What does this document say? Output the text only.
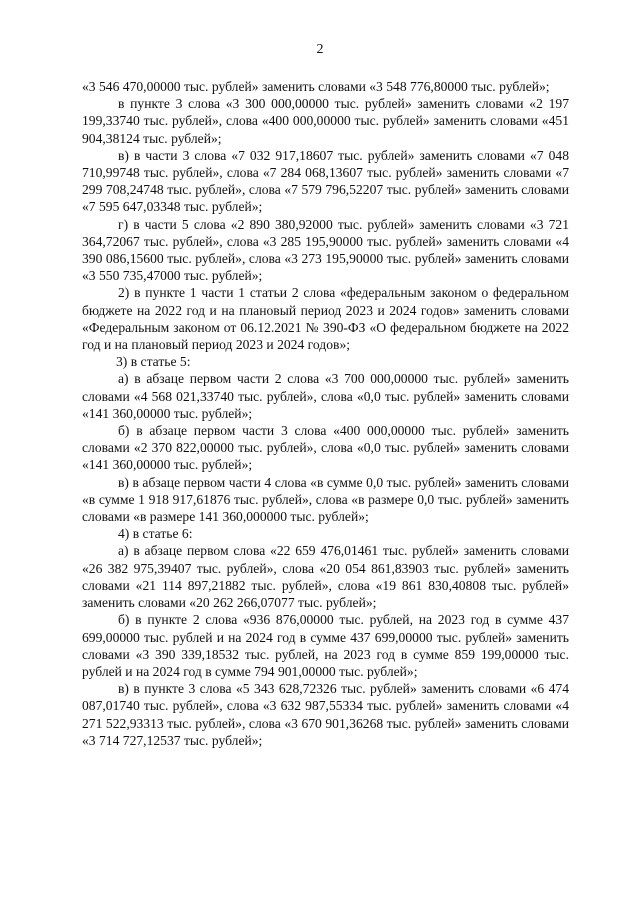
2

«3 546 470,00000 тыс. рублей» заменить словами «3 548 776,80000 тыс. рублей»;

в пункте 3 слова «3 300 000,00000 тыс. рублей» заменить словами «2 197 199,33740 тыс. рублей», слова «400 000,00000 тыс. рублей» заменить словами «451 904,38124 тыс. рублей»;

в) в части 3 слова «7 032 917,18607 тыс. рублей» заменить словами «7 048 710,99748 тыс. рублей», слова «7 284 068,13607 тыс. рублей» заменить словами «7 299 708,24748 тыс. рублей», слова «7 579 796,52207 тыс. рублей» заменить словами «7 595 647,03348 тыс. рублей»;

г) в части 5 слова «2 890 380,92000 тыс. рублей» заменить словами «3 721 364,72067 тыс. рублей», слова «3 285 195,90000 тыс. рублей» заменить словами «4 390 086,15600 тыс. рублей», слова «3 273 195,90000 тыс. рублей» заменить словами «3 550 735,47000 тыс. рублей»;

2) в пункте 1 части 1 статьи 2 слова «федеральным законом о федеральном бюджете на 2022 год и на плановый период 2023 и 2024 годов» заменить словами «Федеральным законом от 06.12.2021 № 390-ФЗ «О федеральном бюджете на 2022 год и на плановый период 2023 и 2024 годов»;

3) в статье 5:

а) в абзаце первом части 2 слова «3 700 000,00000 тыс. рублей» заменить словами «4 568 021,33740 тыс. рублей», слова «0,0 тыс. рублей» заменить словами «141 360,00000 тыс. рублей»;

б) в абзаце первом части 3 слова «400 000,00000 тыс. рублей» заменить словами «2 370 822,00000 тыс. рублей», слова «0,0 тыс. рублей» заменить словами «141 360,00000 тыс. рублей»;

в) в абзаце первом части 4 слова «в сумме 0,0 тыс. рублей» заменить словами «в сумме 1 918 917,61876 тыс. рублей», слова «в размере 0,0 тыс. рублей» заменить словами «в размере 141 360,000000 тыс. рублей»;

4) в статье 6:

а) в абзаце первом слова «22 659 476,01461 тыс. рублей» заменить словами «26 382 975,39407 тыс. рублей», слова «20 054 861,83903 тыс. рублей» заменить словами «21 114 897,21882 тыс. рублей», слова «19 861 830,40808 тыс. рублей» заменить словами «20 262 266,07077 тыс. рублей»;

б) в пункте 2 слова «936 876,00000 тыс. рублей, на 2023 год в сумме 437 699,00000 тыс. рублей и на 2024 год в сумме 437 699,00000 тыс. рублей» заменить словами «3 390 339,18532 тыс. рублей, на 2023 год в сумме 859 199,00000 тыс. рублей и на 2024 год в сумме 794 901,00000 тыс. рублей»;

в) в пункте 3 слова «5 343 628,72326 тыс. рублей» заменить словами «6 474 087,01740 тыс. рублей», слова «3 632 987,55334 тыс. рублей» заменить словами «4 271 522,93313 тыс. рублей», слова «3 670 901,36268 тыс. рублей» заменить словами «3 714 727,12537 тыс. рублей»;
